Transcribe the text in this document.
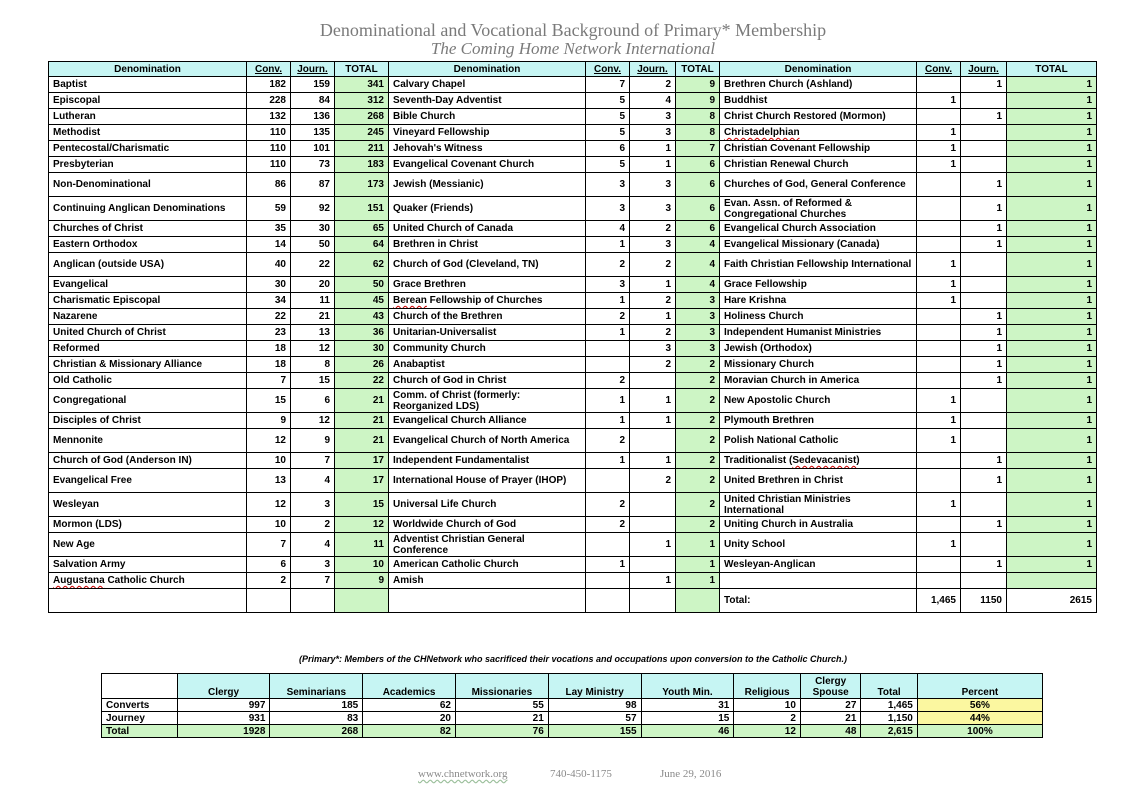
Denominational and Vocational Background of Primary* Membership
The Coming Home Network International
Denomination	Conv.	Journ.	TOTAL	Denomination	Conv.	Journ.	TOTAL	Denomination	Conv.	Journ.	TOTAL
Baptist	182	159	341	Calvary Chapel	7	2	9	Brethren Church (Ashland)		1	1
Episcopal	228	84	312	Seventh-Day Adventist	5	4	9	Buddhist	1		1
Lutheran	132	136	268	Bible Church	5	3	8	Christ Church Restored (Mormon)		1	1
Methodist	110	135	245	Vineyard Fellowship	5	3	8	Christadelphian	1		1
Pentecostal/Charismatic	110	101	211	Jehovah's Witness	6	1	7	Christian Covenant Fellowship	1		1
Presbyterian	110	73	183	Evangelical Covenant Church	5	1	6	Christian Renewal Church	1		1
Non-Denominational	86	87	173	Jewish (Messianic)	3	3	6	Churches of God, General Conference		1	1
Continuing Anglican Denominations	59	92	151	Quaker (Friends)	3	3	6	Evan. Assn. of Reformed & Congregational Churches		1	1
Churches of Christ	35	30	65	United Church of Canada	4	2	6	Evangelical Church Association		1	1
Eastern Orthodox	14	50	64	Brethren in Christ	1	3	4	Evangelical Missionary (Canada)		1	1
Anglican (outside USA)	40	22	62	Church of God (Cleveland, TN)	2	2	4	Faith Christian Fellowship International	1		1
Evangelical	30	20	50	Grace Brethren	3	1	4	Grace Fellowship	1		1
Charismatic Episcopal	34	11	45	Berean Fellowship of Churches	1	2	3	Hare Krishna	1		1
Nazarene	22	21	43	Church of the Brethren	2	1	3	Holiness Church		1	1
United Church of Christ	23	13	36	Unitarian-Universalist	1	2	3	Independent Humanist Ministries		1	1
Reformed	18	12	30	Community Church		3	3	Jewish (Orthodox)		1	1
Christian & Missionary Alliance	18	8	26	Anabaptist		2	2	Missionary Church		1	1
Old Catholic	7	15	22	Church of God in Christ	2		2	Moravian Church in America		1	1
Congregational	15	6	21	Comm. of Christ (formerly: Reorganized LDS)	1	1	2	New Apostolic Church	1		1
Disciples of Christ	9	12	21	Evangelical Church Alliance	1	1	2	Plymouth Brethren	1		1
Mennonite	12	9	21	Evangelical Church of North America	2		2	Polish National Catholic	1		1
Church of God (Anderson IN)	10	7	17	Independent Fundamentalist	1	1	2	Traditionalist (Sedevacanist)		1	1
Evangelical Free	13	4	17	International House of Prayer (IHOP)		2	2	United Brethren in Christ		1	1
Wesleyan	12	3	15	Universal Life Church	2		2	United Christian Ministries International	1		1
Mormon (LDS)	10	2	12	Worldwide Church of God	2		2	Uniting Church in Australia		1	1
New Age	7	4	11	Adventist Christian General Conference		1	1	Unity School	1		1
Salvation Army	6	3	10	American Catholic Church	1		1	Wesleyan-Anglican		1	1
Augustana Catholic Church	2	7	9	Amish		1	1				
								Total:	1,465	1150	2615
(Primary*: Members of the CHNetwork who sacrificed their vocations and occupations upon conversion to the Catholic Church.)
	Clergy	Seminarians	Academics	Missionaries	Lay Ministry	Youth Min.	Religious	Clergy Spouse	Total	Percent
Converts	997	185	62	55	98	31	10	27	1,465	56%
Journey	931	83	20	21	57	15	2	21	1,150	44%
Total	1928	268	82	76	155	46	12	48	2,615	100%
www.chnetwork.org	740-450-1175	June 29, 2016
